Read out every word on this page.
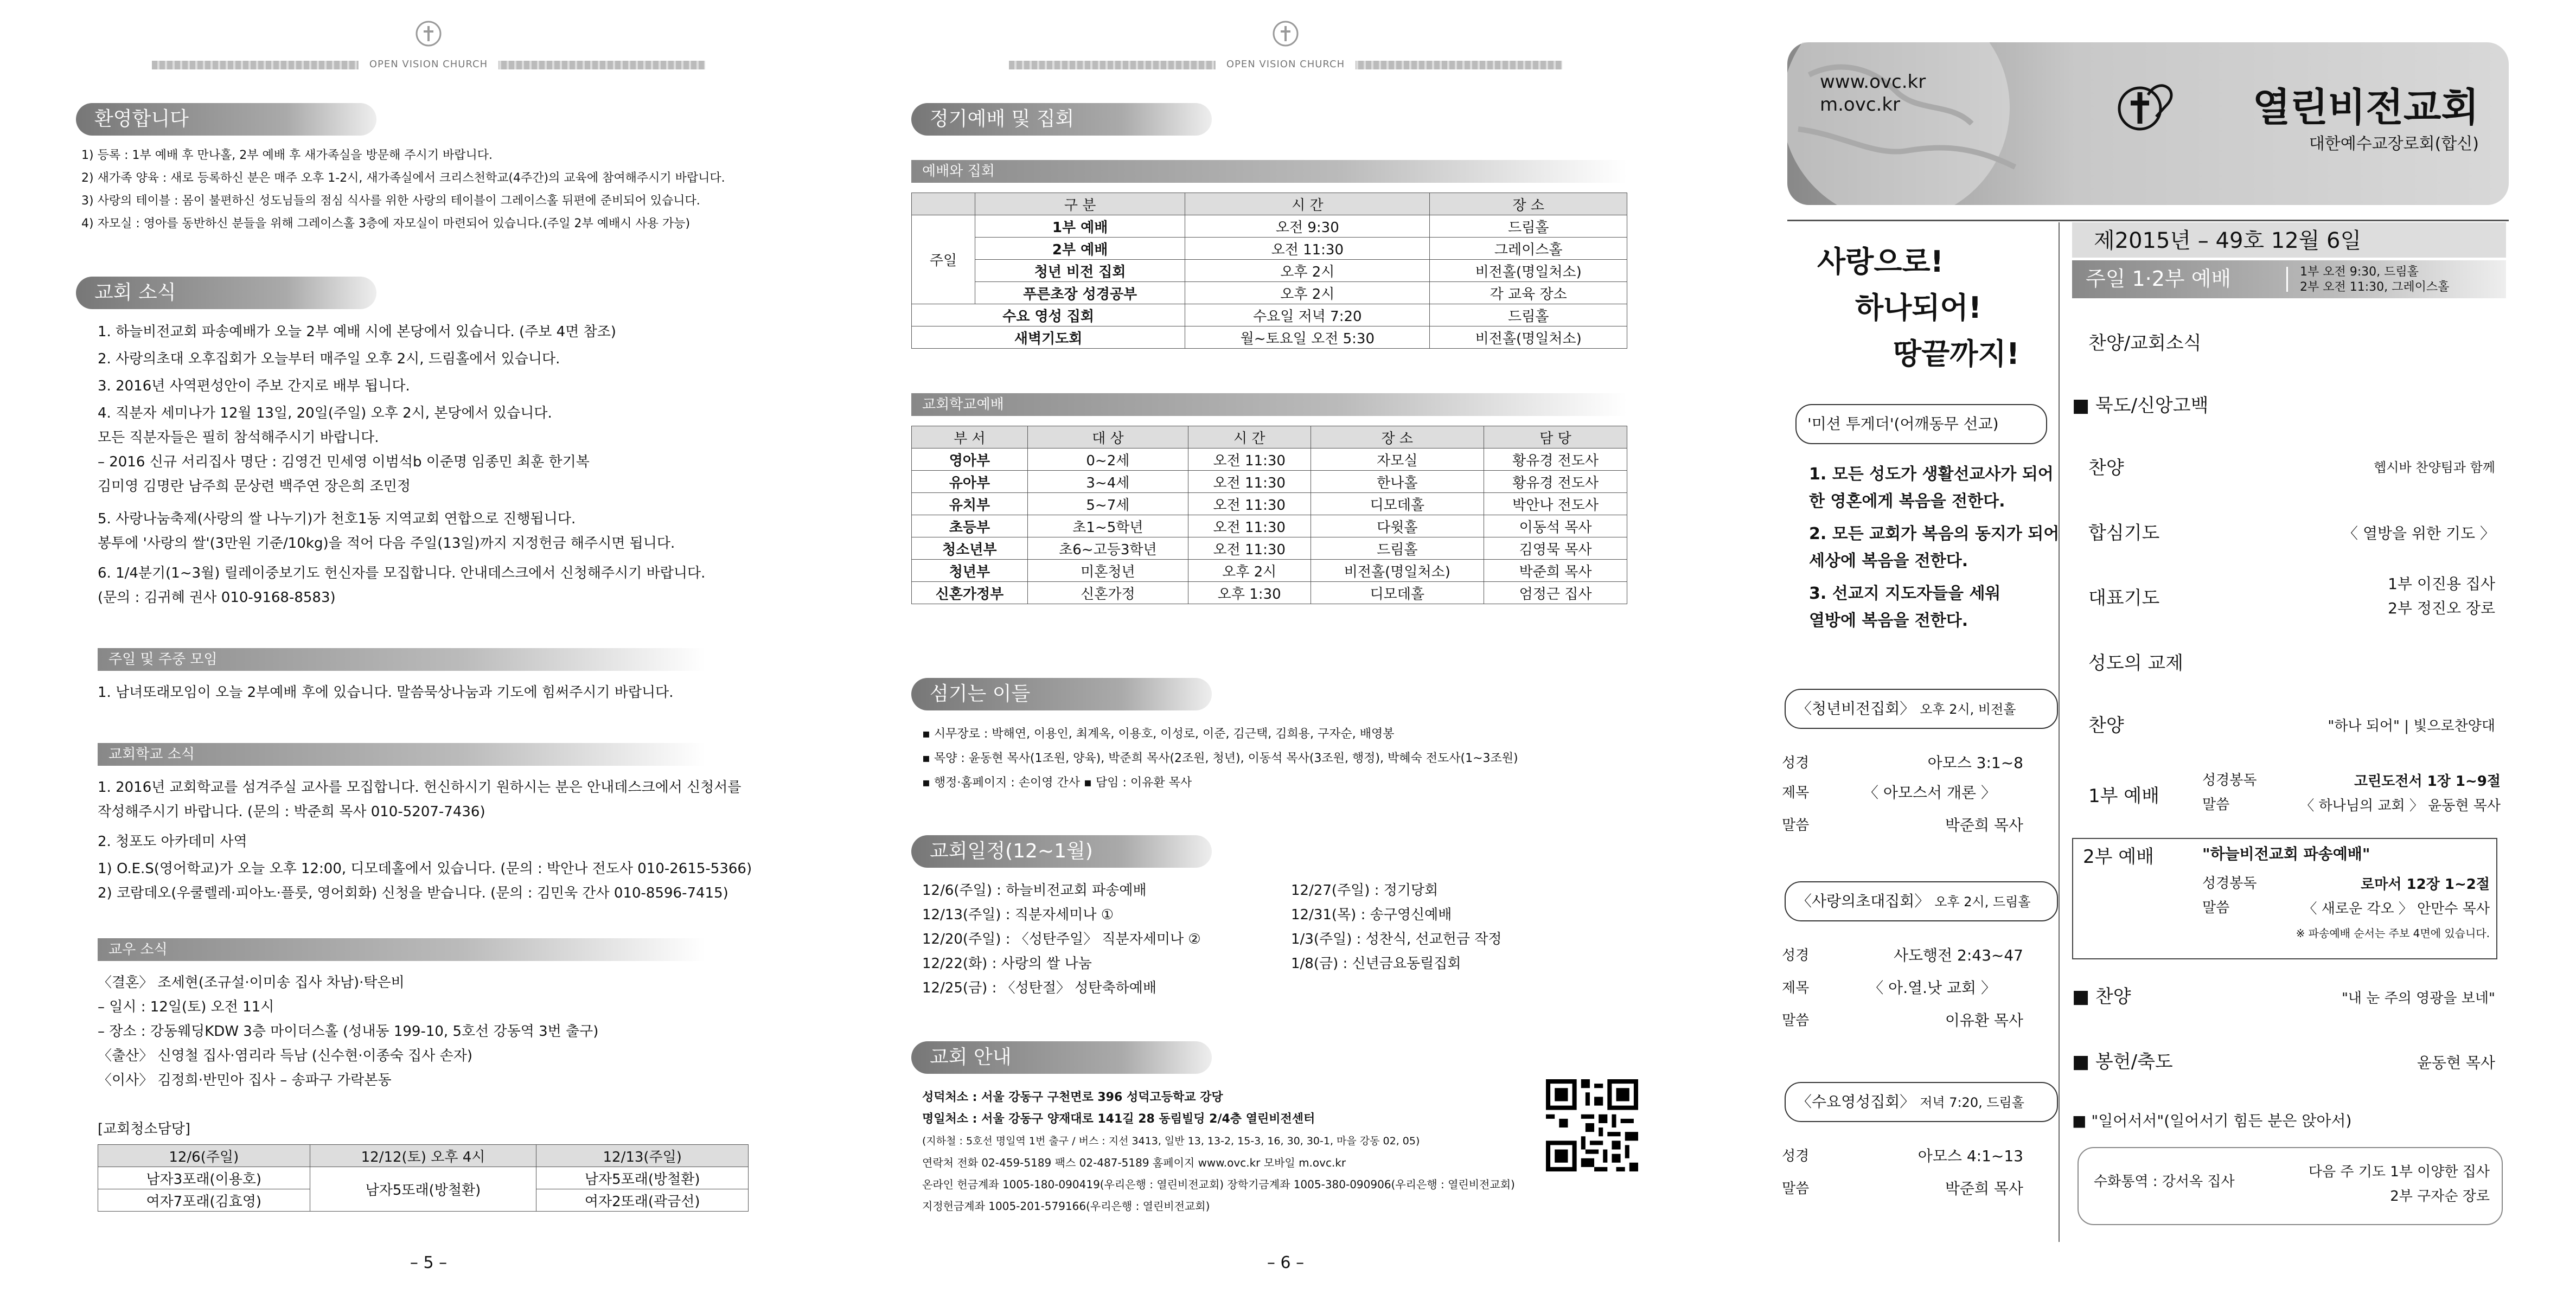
OPEN VISION CHURCH
환영합니다
1) 등록 : 1부 예배 후 만나홀, 2부 예배 후 새가족실을 방문해 주시기 바랍니다.
2) 새가족 양육 : 새로 등록하신 분은 매주 오후 1-2시, 새가족실에서 크리스천학교(4주간)의 교육에 참여해주시기 바랍니다.
3) 사랑의 테이블 : 몸이 불편하신 성도님들의 점심 식사를 위한 사랑의 테이블이 그레이스홀 뒤편에 준비되어 있습니다.
4) 자모실 : 영아를 동반하신 분들을 위해 그레이스홀 3층에 자모실이 마련되어 있습니다.(주일 2부 예배시 사용 가능)
교회 소식
1. 하늘비전교회 파송예배가 오늘 2부 예배 시에 본당에서 있습니다. (주보 4면 참조)
2. 사랑의초대 오후집회가 오늘부터 매주일 오후 2시, 드림홀에서 있습니다.
3. 2016년 사역편성안이 주보 간지로 배부 됩니다.
4. 직분자 세미나가 12월 13일, 20일(주일) 오후 2시, 본당에서 있습니다.
모든 직분자들은 필히 참석해주시기 바랍니다.
– 2016 신규 서리집사 명단 : 김영건 민세영 이범석b 이준명 임종민 최훈 한기복
김미영 김명란 남주희 문상련 백주연 장은희 조민정
5. 사랑나눔축제(사랑의 쌀 나누기)가 천호1동 지역교회 연합으로 진행됩니다.
봉투에 '사랑의 쌀'(3만원 기준/10kg)을 적어 다음 주일(13일)까지 지정헌금 해주시면 됩니다.
6. 1/4분기(1~3월) 릴레이중보기도 헌신자를 모집합니다. 안내데스크에서 신청해주시기 바랍니다.
(문의 : 김귀혜 권사 010-9168-8583)
주일 및 주중 모임
1. 남녀또래모임이 오늘 2부예배 후에 있습니다. 말씀묵상나눔과 기도에 힘써주시기 바랍니다.
교회학교 소식
1. 2016년 교회학교를 섬겨주실 교사를 모집합니다. 헌신하시기 원하시는 분은 안내데스크에서 신청서를
작성해주시기 바랍니다. (문의 : 박준희 목사 010-5207-7436)
2. 청포도 아카데미 사역
1) O.E.S(영어학교)가 오늘 오후 12:00, 디모데홀에서 있습니다. (문의 : 박안나 전도사 010-2615-5366)
2) 코람데오(우쿨렐레·피아노·플룻, 영어회화) 신청을 받습니다. (문의 : 김민욱 간사 010-8596-7415)
교우 소식
〈결혼〉 조세현(조규설·이미송 집사 차남)·탁은비
– 일시 : 12일(토) 오전 11시
– 장소 : 강동웨딩KDW 3층 마이더스홀 (성내동 199-10, 5호선 강동역 3번 출구)
〈출산〉 신영철 집사·염리라 득남 (신수현·이종숙 집사 손자)
〈이사〉 김정희·반민아 집사 – 송파구 가락본동
[교회청소담당]
12/6(주일)	12/12(토) 오후 4시	12/13(주일)
남자3포래(이용호)	남자5또래(방철환)	남자5포래(방철환)
여자7포래(김효영)		여자2또래(곽금선)
– 5 –
OPEN VISION CHURCH
정기예배 및 집회
예배와 집회
	구 분	시 간	장 소
주일	1부 예배	오전 9:30	드림홀
	2부 예배	오전 11:30	그레이스홀
	청년 비전 집회	오후 2시	비전홀(명일처소)
	푸른초장 성경공부	오후 2시	각 교육 장소
수요 영성 집회		수요일 저녁 7:20	드림홀
새벽기도회		월~토요일 오전 5:30	비전홀(명일처소)
교회학교예배
부 서	대 상	시 간	장 소	담 당
영아부	0~2세	오전 11:30	자모실	황유경 전도사
유아부	3~4세	오전 11:30	한나홀	황유경 전도사
유치부	5~7세	오전 11:30	디모데홀	박안나 전도사
초등부	초1~5학년	오전 11:30	다윗홀	이동석 목사
청소년부	초6~고등3학년	오전 11:30	드림홀	김영묵 목사
청년부	미혼청년	오후 2시	비전홀(명일처소)	박준희 목사
신혼가정부	신혼가정	오후 1:30	디모데홀	엄정근 집사
섬기는 이들
▪ 시무장로 : 박해연, 이용인, 최계옥, 이용호, 이성로, 이준, 김근택, 김희용, 구자순, 배영봉
▪ 목양 : 윤동현 목사(1조원, 양육), 박준희 목사(2조원, 청년), 이동석 목사(3조원, 행정), 박혜숙 전도사(1~3조원)
▪ 행정·홈페이지 : 손이영 간사 ▪ 담임 : 이유환 목사
교회일정(12~1월)
12/6(주일) : 하늘비전교회 파송예배
12/13(주일) : 직분자세미나 ①
12/20(주일) : 〈성탄주일〉 직분자세미나 ②
12/22(화) : 사랑의 쌀 나눔
12/25(금) : 〈성탄절〉 성탄축하예배
12/27(주일) : 정기당회
12/31(목) : 송구영신예배
1/3(주일) : 성찬식, 선교헌금 작정
1/8(금) : 신년금요동릴집회
교회 안내
성덕처소 : 서울 강동구 구천면로 396 성덕고등학교 강당
명일처소 : 서울 강동구 양재대로 141길 28 동림빌딩 2/4층 열린비전센터
(지하철 : 5호선 명일역 1번 출구 / 버스 : 지선 3413, 일반 13, 13-2, 15-3, 16, 30, 30-1, 마을 강동 02, 05)
연락처 전화 02-459-5189 팩스 02-487-5189 홈페이지 www.ovc.kr 모바일 m.ovc.kr
온라인 헌금계좌 1005-180-090419(우리은행 : 열린비전교회) 장학기금계좌 1005-380-090906(우리은행 : 열린비전교회)
지정헌금계좌 1005-201-579166(우리은행 : 열린비전교회)
– 6 –
www.ovc.kr
m.ovc.kr	열린비전교회
대한예수교장로회(합신)
사랑으로!
하나되어!
땅끝까지!
'미션 투게더'(어깨동무 선교)
1. 모든 성도가 생활선교사가 되어
한 영혼에게 복음을 전한다.
2. 모든 교회가 복음의 동지가 되어
세상에 복음을 전한다.
3. 선교지 지도자들을 세워
열방에 복음을 전한다.
〈청년비전집회〉 오후 2시, 비전홀
성경	아모스 3:1~8
제목	〈 아모스서 개론 〉
말씀	박준희 목사
〈사랑의초대집회〉 오후 2시, 드림홀
성경	사도행전 2:43~47
제목	〈 아.열.낫 교회 〉
말씀	이유환 목사
〈수요영성집회〉 저녁 7:20, 드림홀
성경	아모스 4:1~13
말씀	박준희 목사
제2015년 – 49호 12월 6일
주일 1·2부 예배	1부 오전 9:30, 드림홀
2부 오전 11:30, 그레이스홀
찬양/교회소식
■ 묵도/신앙고백
찬양	헵시바 찬양팀과 함께
합심기도	〈 열방을 위한 기도 〉
대표기도
1부 이진용 집사
2부 정진오 장로
성도의 교제
찬양	"하나 되어" | 빛으로찬양대
1부 예배
성경봉독	고린도전서 1장 1~9절
말씀	〈 하나님의 교회 〉 윤동현 목사
2부 예배	"하늘비전교회 파송예배"
성경봉독	로마서 12장 1~2절
말씀	〈 새로운 각오 〉 안만수 목사
※ 파송예배 순서는 주보 4면에 있습니다.
■ 찬양	"내 눈 주의 영광을 보네"
■ 봉헌/축도	윤동현 목사
■ "일어서서"(일어서기 힘든 분은 앉아서)
수화통역 : 강서옥 집사
다음 주 기도 1부 이양한 집사
2부 구자순 장로
